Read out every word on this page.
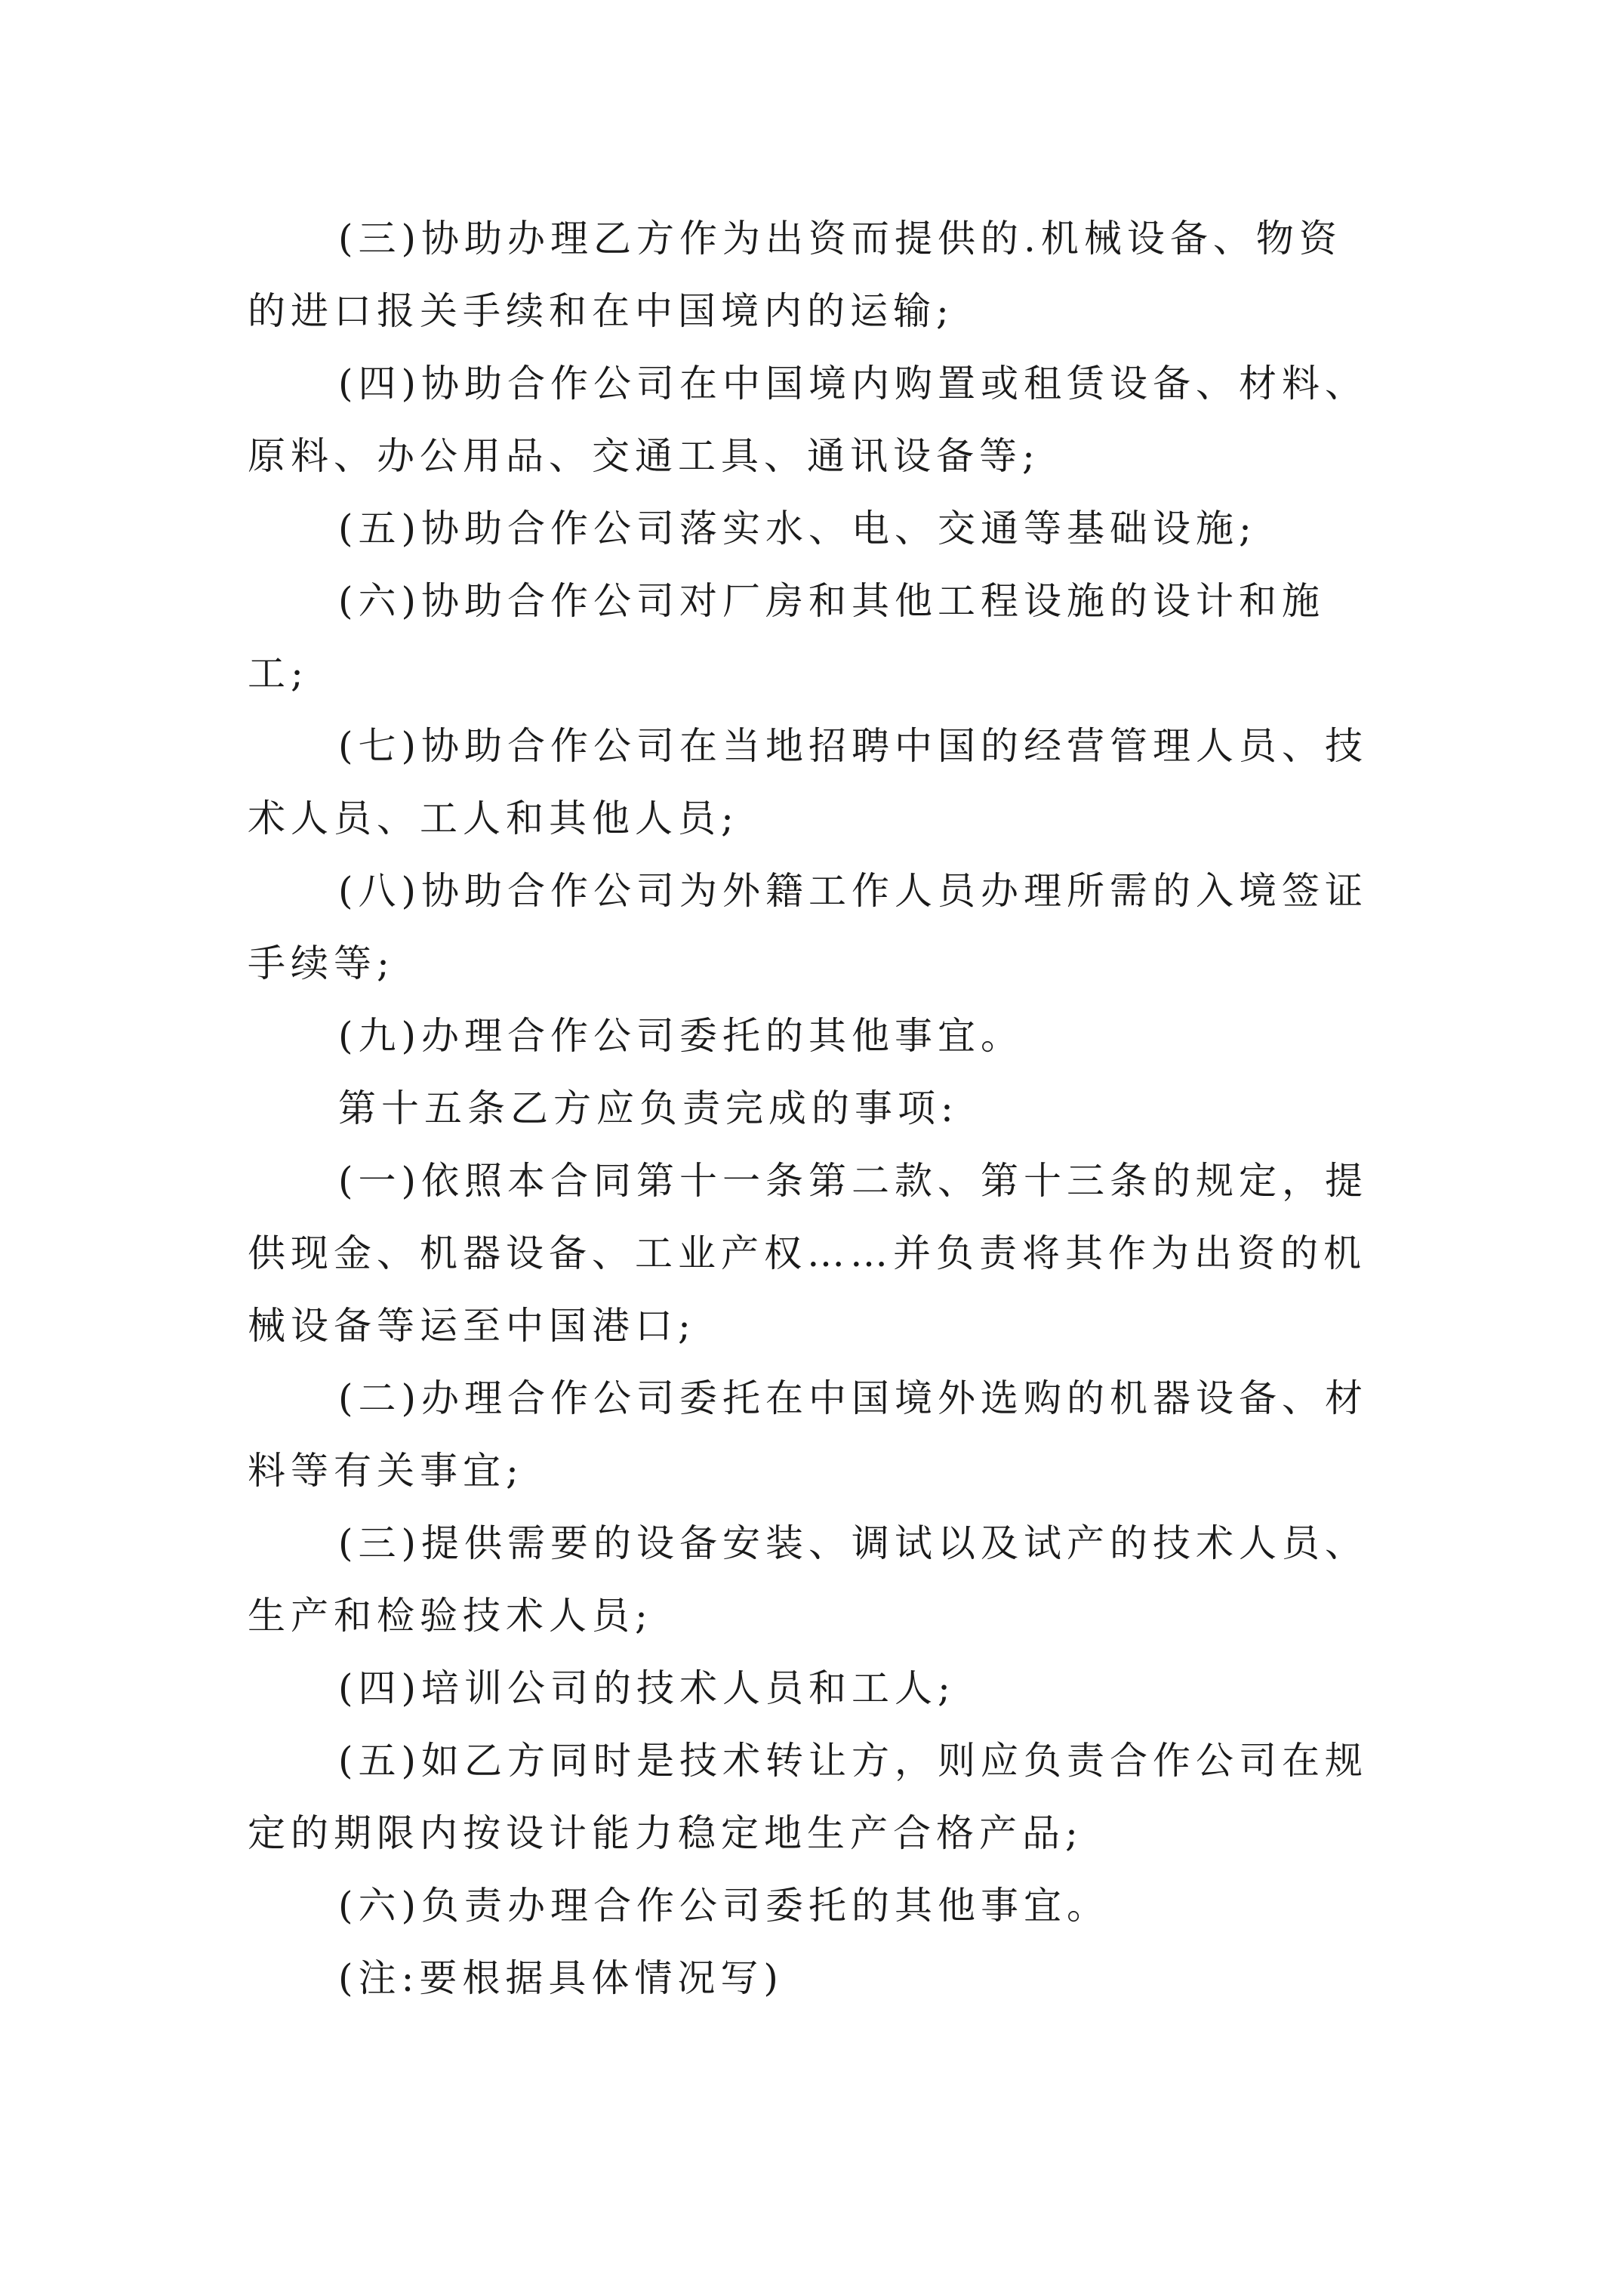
(三)协助办理乙方作为出资而提供的.机械设备、物资的进口报关手续和在中国境内的运输;

(四)协助合作公司在中国境内购置或租赁设备、材料、原料、办公用品、交通工具、通讯设备等;

(五)协助合作公司落实水、电、交通等基础设施;

(六)协助合作公司对厂房和其他工程设施的设计和施工;

(七)协助合作公司在当地招聘中国的经营管理人员、技术人员、工人和其他人员;

(八)协助合作公司为外籍工作人员办理所需的入境签证手续等;

(九)办理合作公司委托的其他事宜。

第十五条乙方应负责完成的事项:

(一)依照本合同第十一条第二款、第十三条的规定，提供现金、机器设备、工业产权……并负责将其作为出资的机械设备等运至中国港口;

(二)办理合作公司委托在中国境外选购的机器设备、材料等有关事宜;

(三)提供需要的设备安装、调试以及试产的技术人员、生产和检验技术人员;

(四)培训公司的技术人员和工人;

(五)如乙方同时是技术转让方，则应负责合作公司在规定的期限内按设计能力稳定地生产合格产品;

(六)负责办理合作公司委托的其他事宜。

(注:要根据具体情况写)
